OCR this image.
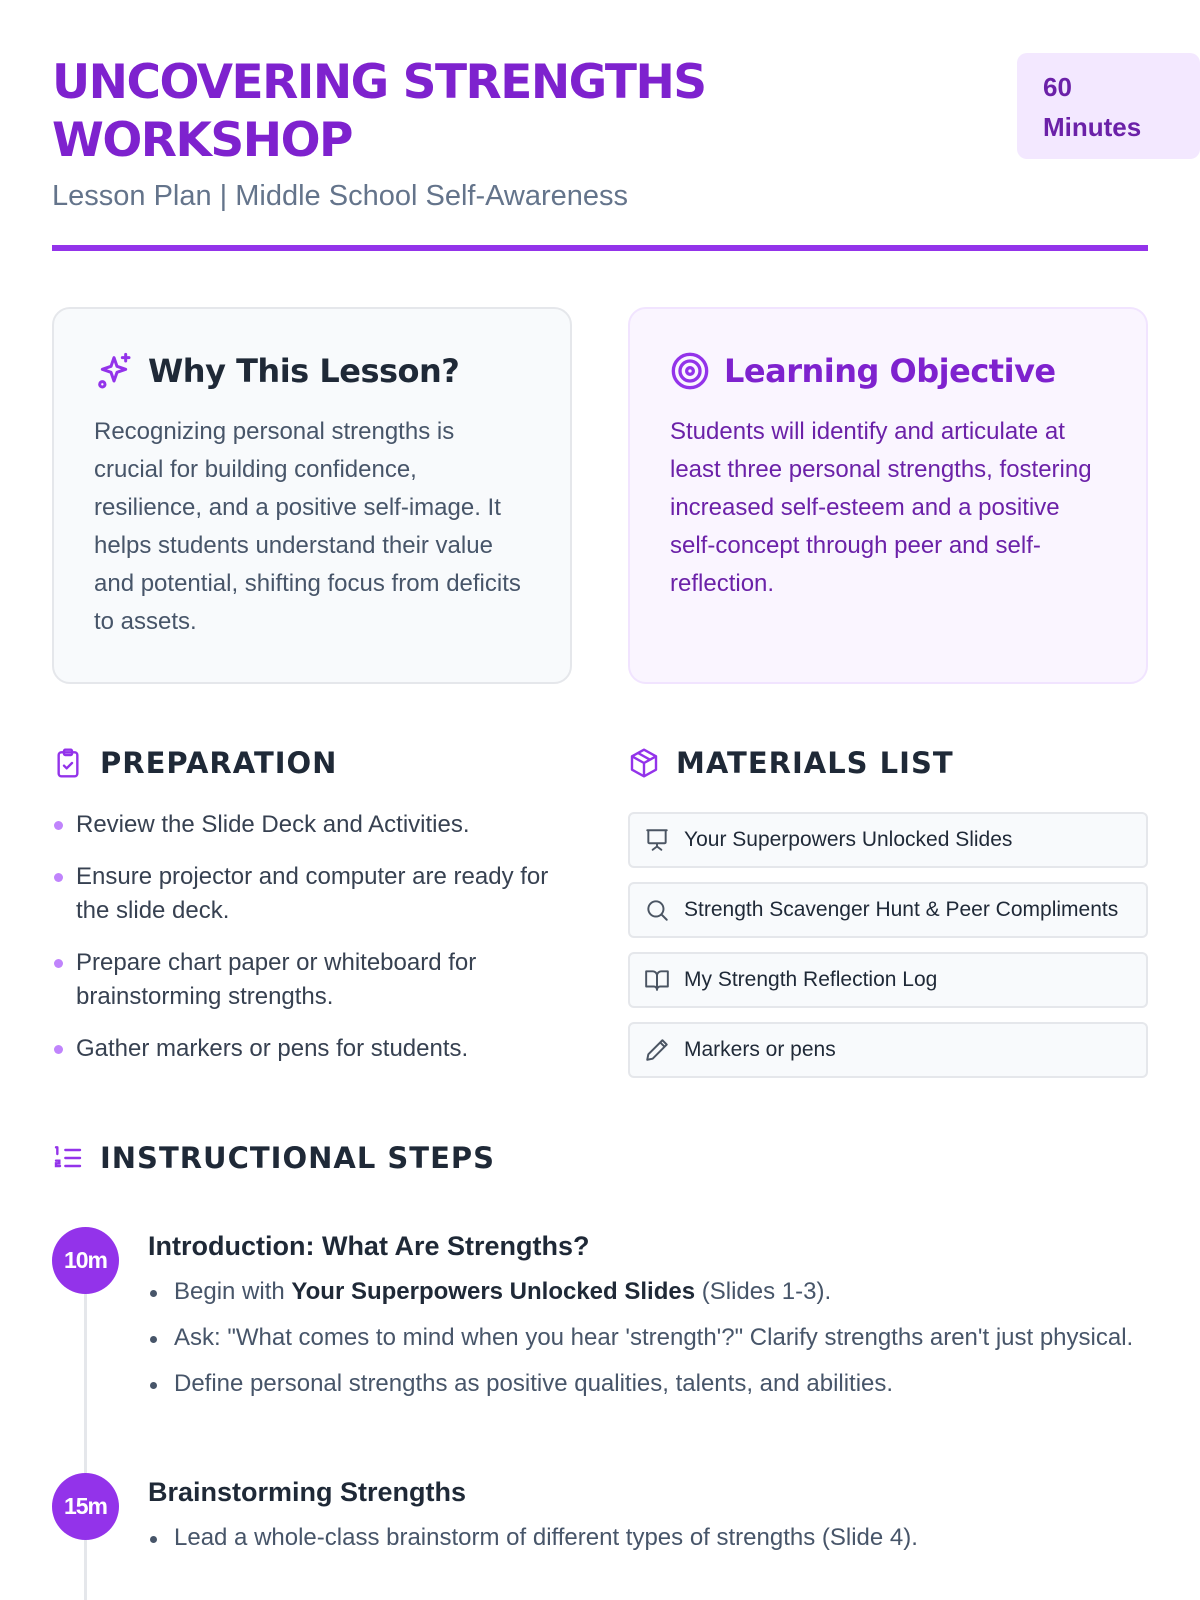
UNCOVERING STRENGTHS WORKSHOP
Lesson Plan | Middle School Self-Awareness
60
Minutes
Why This Lesson?

Recognizing personal strengths is crucial for building confidence, resilience, and a positive self-image. It helps students understand their value and potential, shifting focus from deficits to assets.

Learning Objective

Students will identify and articulate at least three personal strengths, fostering increased self-esteem and a positive self-concept through peer and self-reflection.

PREPARATION
Review the Slide Deck and Activities.
Ensure projector and computer are ready for the slide deck.
Prepare chart paper or whiteboard for brainstorming strengths.
Gather markers or pens for students.
MATERIALS LIST
Your Superpowers Unlocked Slides
Strength Scavenger Hunt & Peer Compliments
My Strength Reflection Log
Markers or pens
INSTRUCTIONAL STEPS
10m	Introduction: What Are Strengths?
Begin with Your Superpowers Unlocked Slides (Slides 1-3).
Ask: "What comes to mind when you hear 'strength'?" Clarify strengths aren't just physical.
Define personal strengths as positive qualities, talents, and abilities.
15m	Brainstorming Strengths
Lead a whole-class brainstorm of different types of strengths (Slide 4).
